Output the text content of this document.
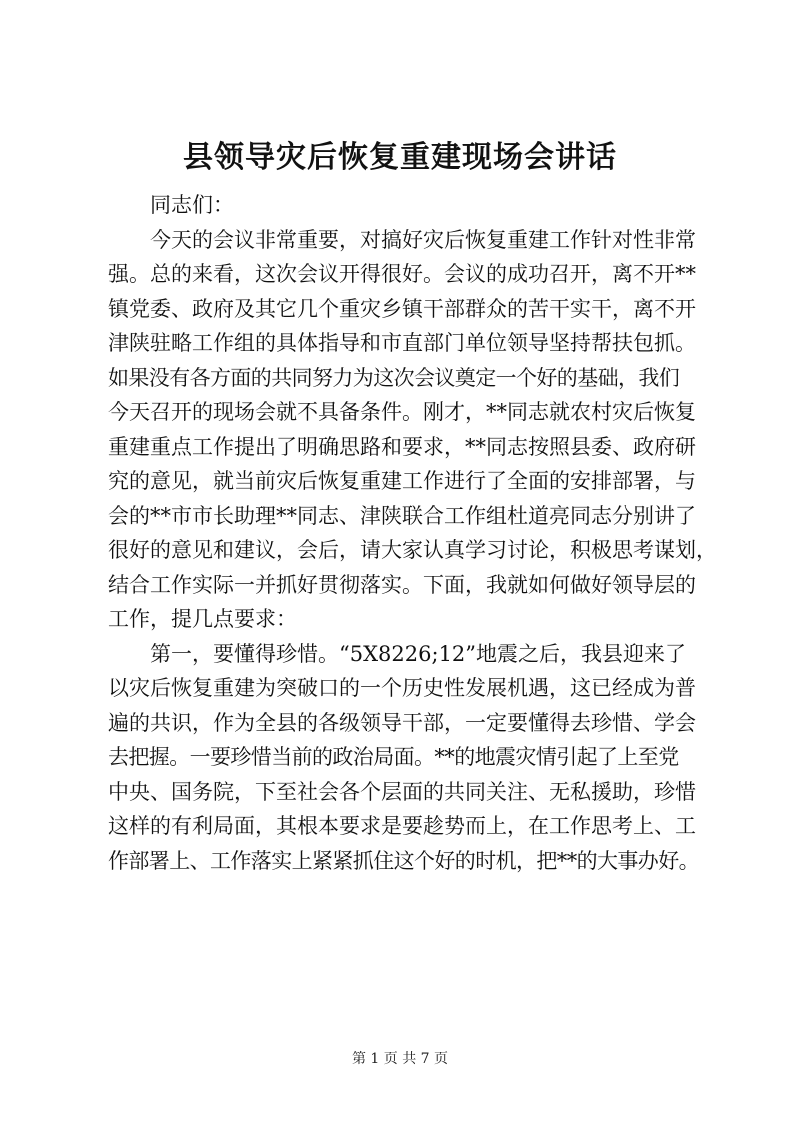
县领导灾后恢复重建现场会讲话
同志们：
今天的会议非常重要，对搞好灾后恢复重建工作针对性非常
强。总的来看，这次会议开得很好。会议的成功召开，离不开**
镇党委、政府及其它几个重灾乡镇干部群众的苦干实干，离不开
津陕驻略工作组的具体指导和市直部门单位领导坚持帮扶包抓。
如果没有各方面的共同努力为这次会议奠定一个好的基础，我们
今天召开的现场会就不具备条件。刚才，**同志就农村灾后恢复
重建重点工作提出了明确思路和要求，**同志按照县委、政府研
究的意见，就当前灾后恢复重建工作进行了全面的安排部署，与
会的**市市长助理**同志、津陕联合工作组杜道亮同志分别讲了
很好的意见和建议，会后，请大家认真学习讨论，积极思考谋划，
结合工作实际一并抓好贯彻落实。下面，我就如何做好领导层的
工作，提几点要求：
第一，要懂得珍惜。“5X8226;12”地震之后，我县迎来了
以灾后恢复重建为突破口的一个历史性发展机遇，这已经成为普
遍的共识，作为全县的各级领导干部，一定要懂得去珍惜、学会
去把握。一要珍惜当前的政治局面。**的地震灾情引起了上至党
中央、国务院，下至社会各个层面的共同关注、无私援助，珍惜
这样的有利局面，其根本要求是要趁势而上，在工作思考上、工
作部署上、工作落实上紧紧抓住这个好的时机，把**的大事办好。
第 1 页 共 7 页
